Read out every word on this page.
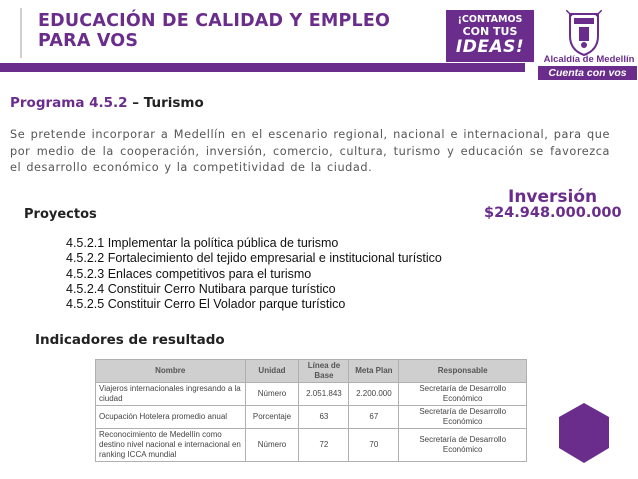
EDUCACIÓN DE CALIDAD Y EMPLEO
PARA VOS
¡CONTAMOS
CON TUS
IDEAS!
Alcaldía de Medellín
Cuenta con vos
Programa 4.5.2 – Turismo
Se pretende incorporar a Medellín en el escenario regional, nacional e internacional, para que por medio de la cooperación, inversión, comercio, cultura, turismo y educación se favorezca el desarrollo económico y la competitividad de la ciudad.
Inversión
$24.948.000.000
Proyectos
4.5.2.1 Implementar la política pública de turismo
4.5.2.2 Fortalecimiento del tejido empresarial e institucional turístico
4.5.2.3 Enlaces competitivos para el turismo
4.5.2.4 Constituir Cerro Nutibara parque turístico
4.5.2.5 Constituir Cerro El Volador parque turístico
Indicadores de resultado
Nombre	Unidad	Línea de Base	Meta Plan	Responsable
Viajeros internacionales ingresando a la ciudad	Número	2.051.843	2.200.000	Secretaría de Desarrollo Económico
Ocupación Hotelera promedio anual	Porcentaje	63	67	Secretaría de Desarrollo Económico
Reconocimiento de Medellín como destino nivel nacional e internacional en ranking ICCA mundial	Número	72	70	Secretaría de Desarrollo Económico
